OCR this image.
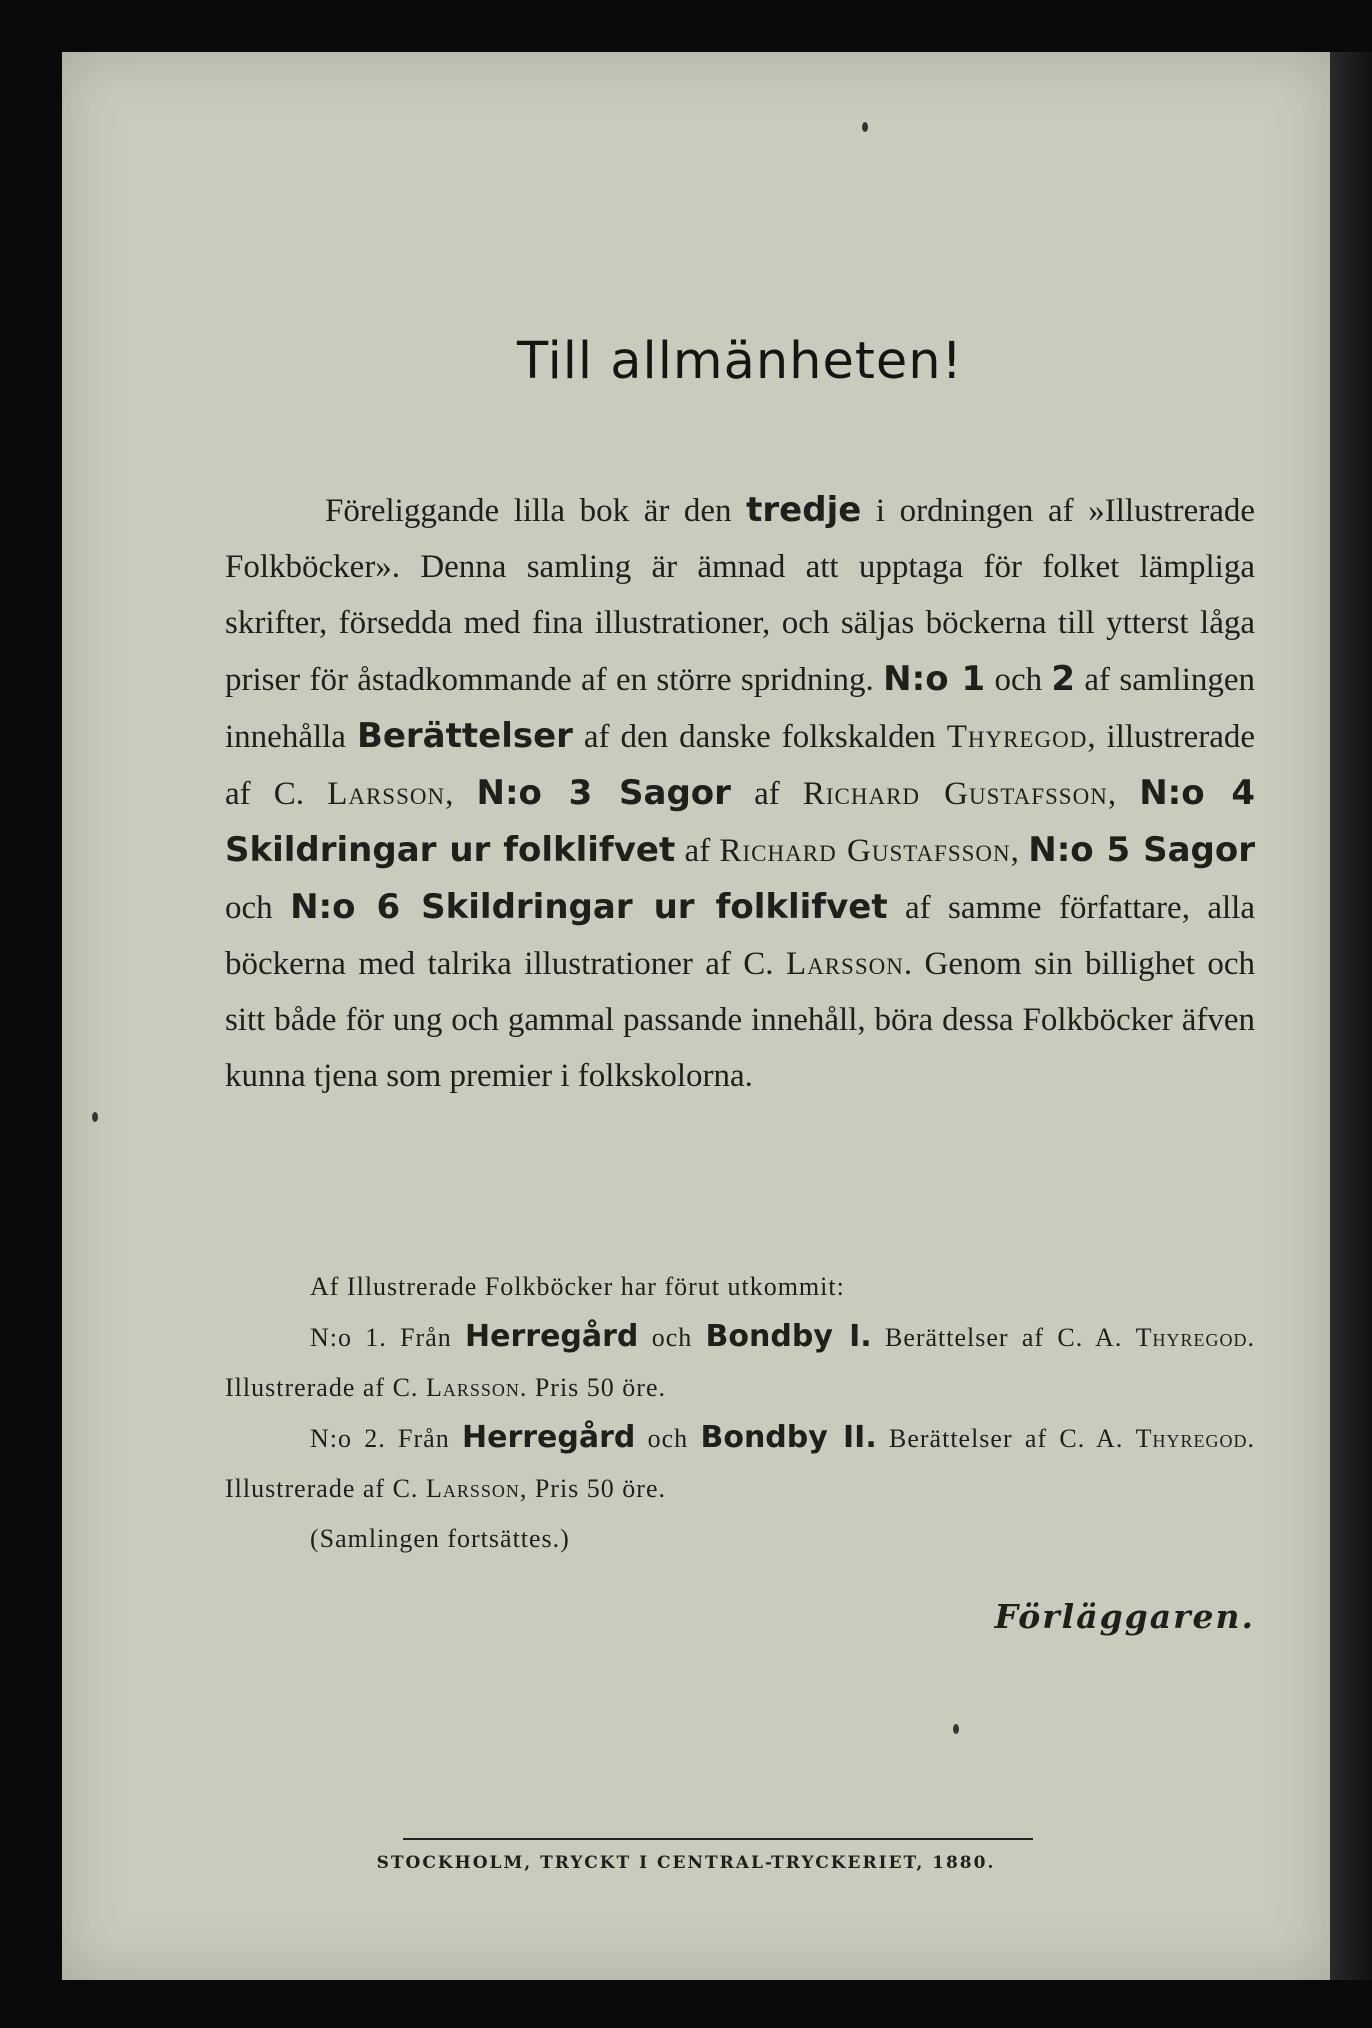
Till allmänheten!

Föreliggande lilla bok är den tredje i ordningen af »Illustrerade Folkböcker». Denna samling är ämnad att upptaga för folket lämpliga skrifter, försedda med fina illustrationer, och säljas böckerna till ytterst låga priser för åstadkommande af en större spridning. N:o 1 och 2 af samlingen innehålla Berättelser af den danske folkskalden Thyregod, illustrerade af C. Larsson, N:o 3 Sagor af Richard Gustafsson, N:o 4 Skildringar ur folklifvet af Richard Gustafsson, N:o 5 Sagor och N:o 6 Skildringar ur folklifvet af samme författare, alla böckerna med talrika illustrationer af C. Larsson. Genom sin billighet och sitt både för ung och gammal passande innehåll, böra dessa Folkböcker äfven kunna tjena som premier i folkskolorna.

Af Illustrerade Folkböcker har förut utkommit:

N:o 1. Från Herregård och Bondby I. Berättelser af C. A. Thyregod. Illustrerade af C. Larsson. Pris 50 öre.

N:o 2. Från Herregård och Bondby II. Berättelser af C. A. Thyregod. Illustrerade af C. Larsson, Pris 50 öre.

(Samlingen fortsättes.)

Förläggaren.
STOCKHOLM, TRYCKT I CENTRAL-TRYCKERIET, 1880.
